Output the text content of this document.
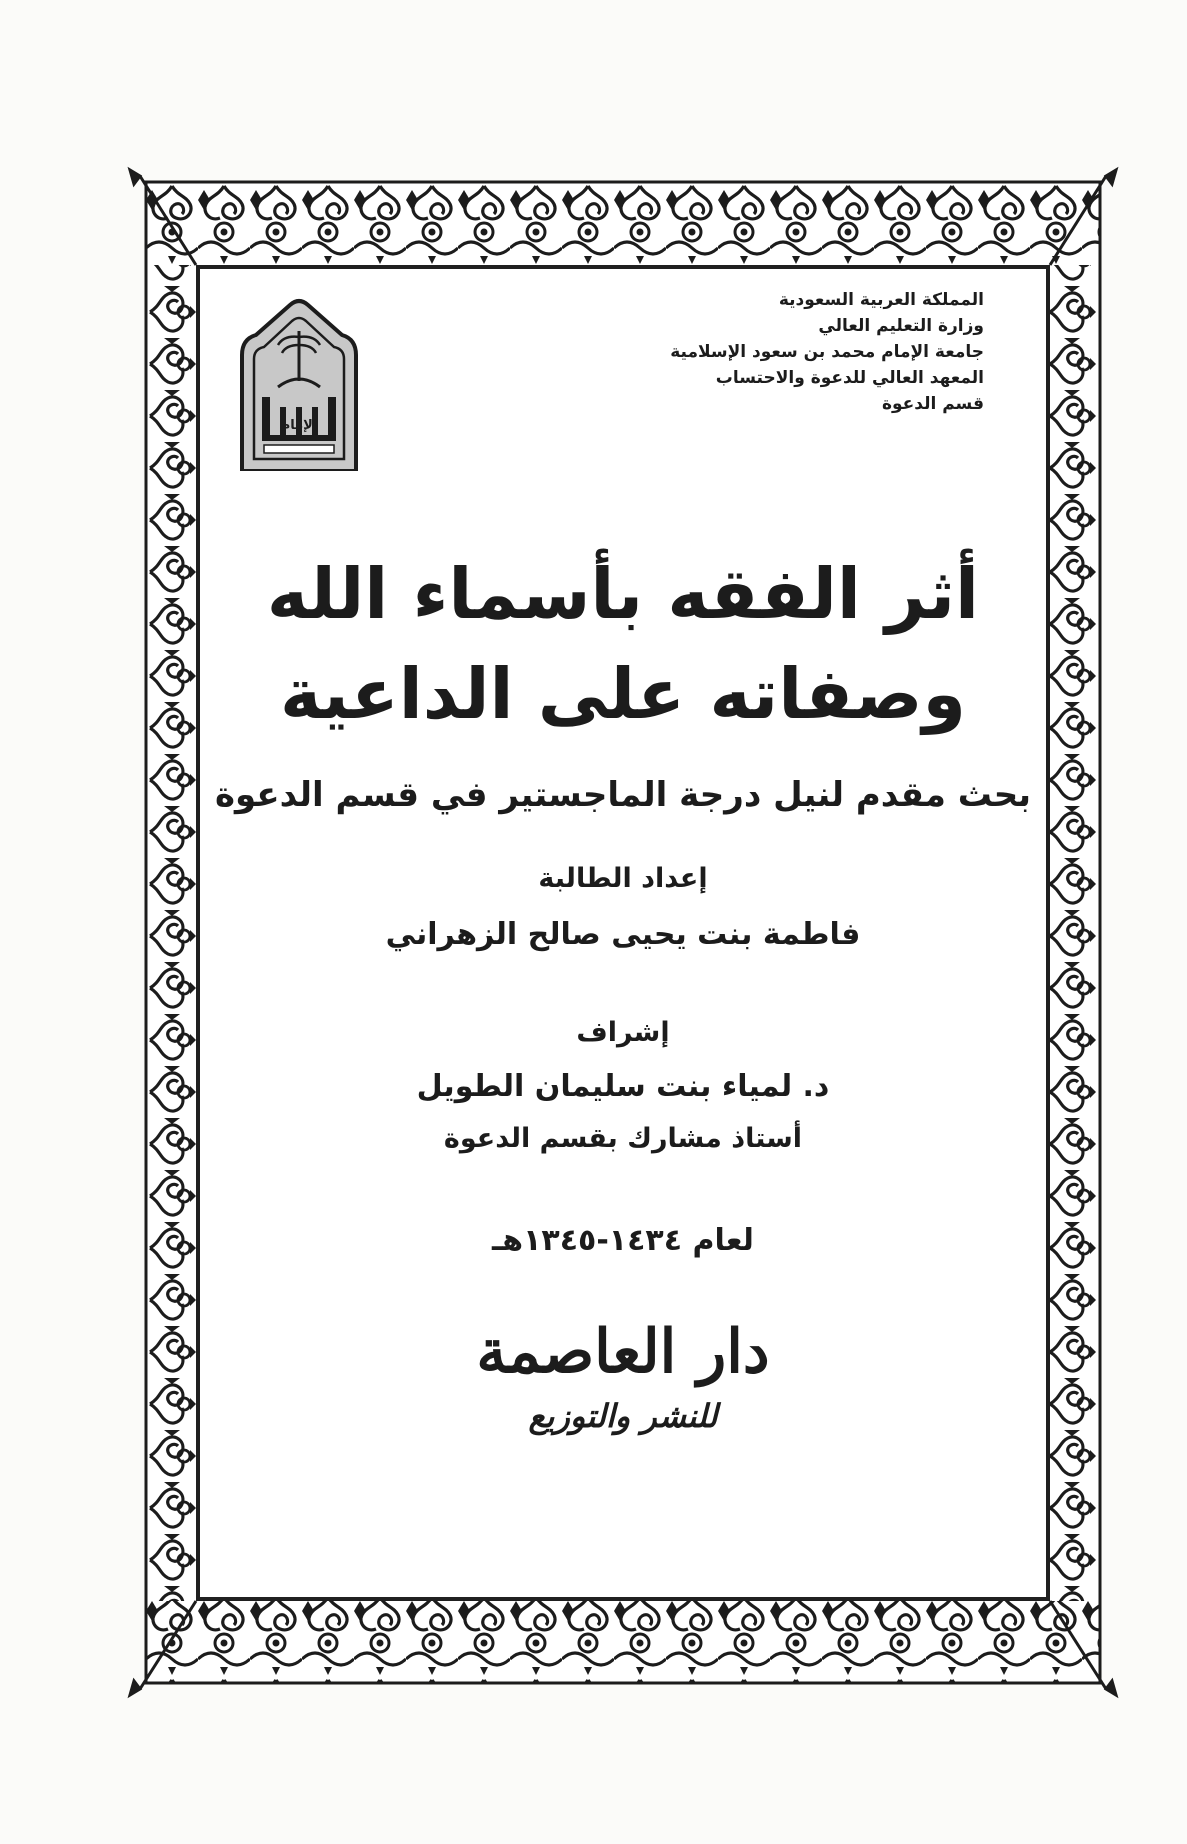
الإمام
المملكة العربية السعودية
وزارة التعليم العالي
جامعة الإمام محمد بن سعود الإسلامية
المعهد العالي للدعوة والاحتساب
قسم الدعوة
أثر الفقه بأسماء الله
وصفاته على الداعية
بحث مقدم لنيل درجة الماجستير في قسم الدعوة
إعداد الطالبة
فاطمة بنت يحيى صالح الزهراني
إشراف
د. لمياء بنت سليمان الطويل
أستاذ مشارك بقسم الدعوة
لعام ١٤٣٤-١٣٤٥هـ
دار العاصمة
للنشر والتوزيع
